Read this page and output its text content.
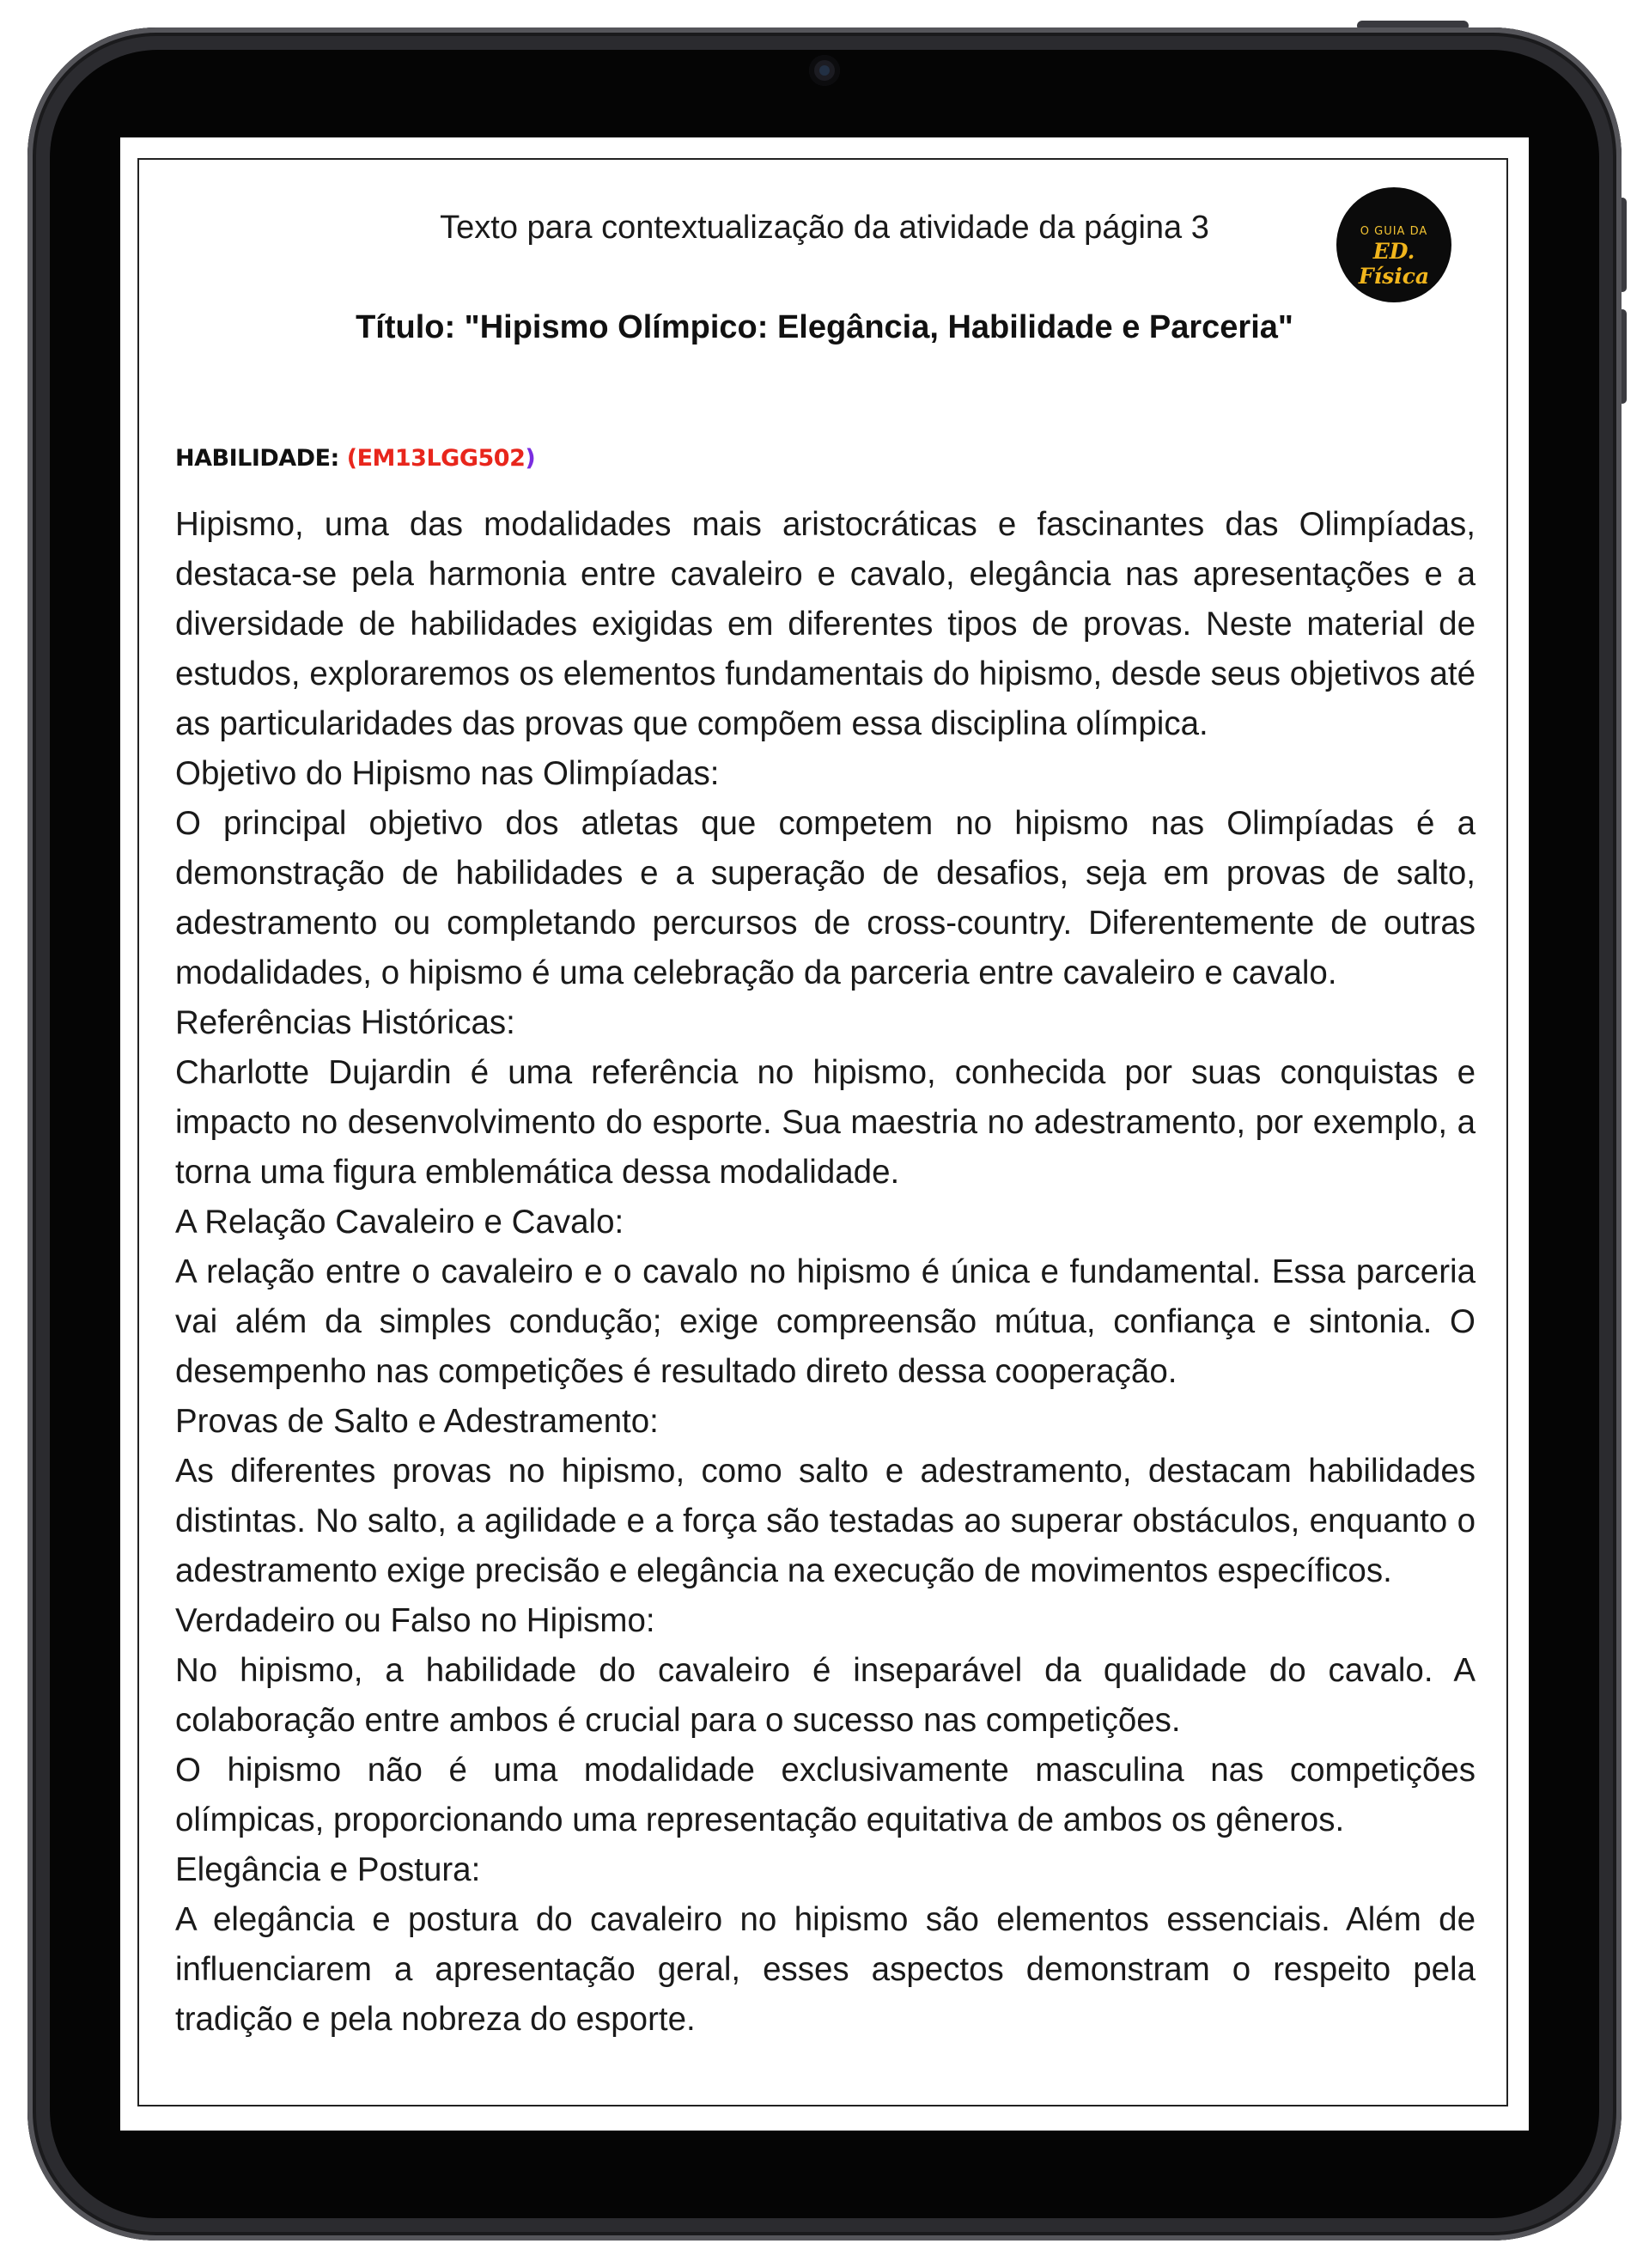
Texto para contextualização da atividade da página 3	O GUIA DA
ED. Física
Título: "Hipismo Olímpico: Elegância, Habilidade e Parceria"
HABILIDADE: (EM13LGG502)

Hipismo, uma das modalidades mais aristocráticas e fascinantes das Olimpíadas, destaca-se pela harmonia entre cavaleiro e cavalo, elegância nas apresentações e a diversidade de habilidades exigidas em diferentes tipos de provas. Neste material de estudos, exploraremos os elementos fundamentais do hipismo, desde seus objetivos até as particularidades das provas que compõem essa disciplina olímpica.

Objetivo do Hipismo nas Olimpíadas:

O principal objetivo dos atletas que competem no hipismo nas Olimpíadas é a demonstração de habilidades e a superação de desafios, seja em provas de salto, adestramento ou completando percursos de cross-country. Diferentemente de outras modalidades, o hipismo é uma celebração da parceria entre cavaleiro e cavalo.

Referências Históricas:

Charlotte Dujardin é uma referência no hipismo, conhecida por suas conquistas e impacto no desenvolvimento do esporte. Sua maestria no adestramento, por exemplo, a torna uma figura emblemática dessa modalidade.

A Relação Cavaleiro e Cavalo:

A relação entre o cavaleiro e o cavalo no hipismo é única e fundamental. Essa parceria vai além da simples condução; exige compreensão mútua, confiança e sintonia. O desempenho nas competições é resultado direto dessa cooperação.

Provas de Salto e Adestramento:

As diferentes provas no hipismo, como salto e adestramento, destacam habilidades distintas. No salto, a agilidade e a força são testadas ao superar obstáculos, enquanto o adestramento exige precisão e elegância na execução de movimentos específicos.

Verdadeiro ou Falso no Hipismo:

No hipismo, a habilidade do cavaleiro é inseparável da qualidade do cavalo. A colaboração entre ambos é crucial para o sucesso nas competições.

O hipismo não é uma modalidade exclusivamente masculina nas competições olímpicas, proporcionando uma representação equitativa de ambos os gêneros.

Elegância e Postura:

A elegância e postura do cavaleiro no hipismo são elementos essenciais. Além de influenciarem a apresentação geral, esses aspectos demonstram o respeito pela tradição e pela nobreza do esporte.
